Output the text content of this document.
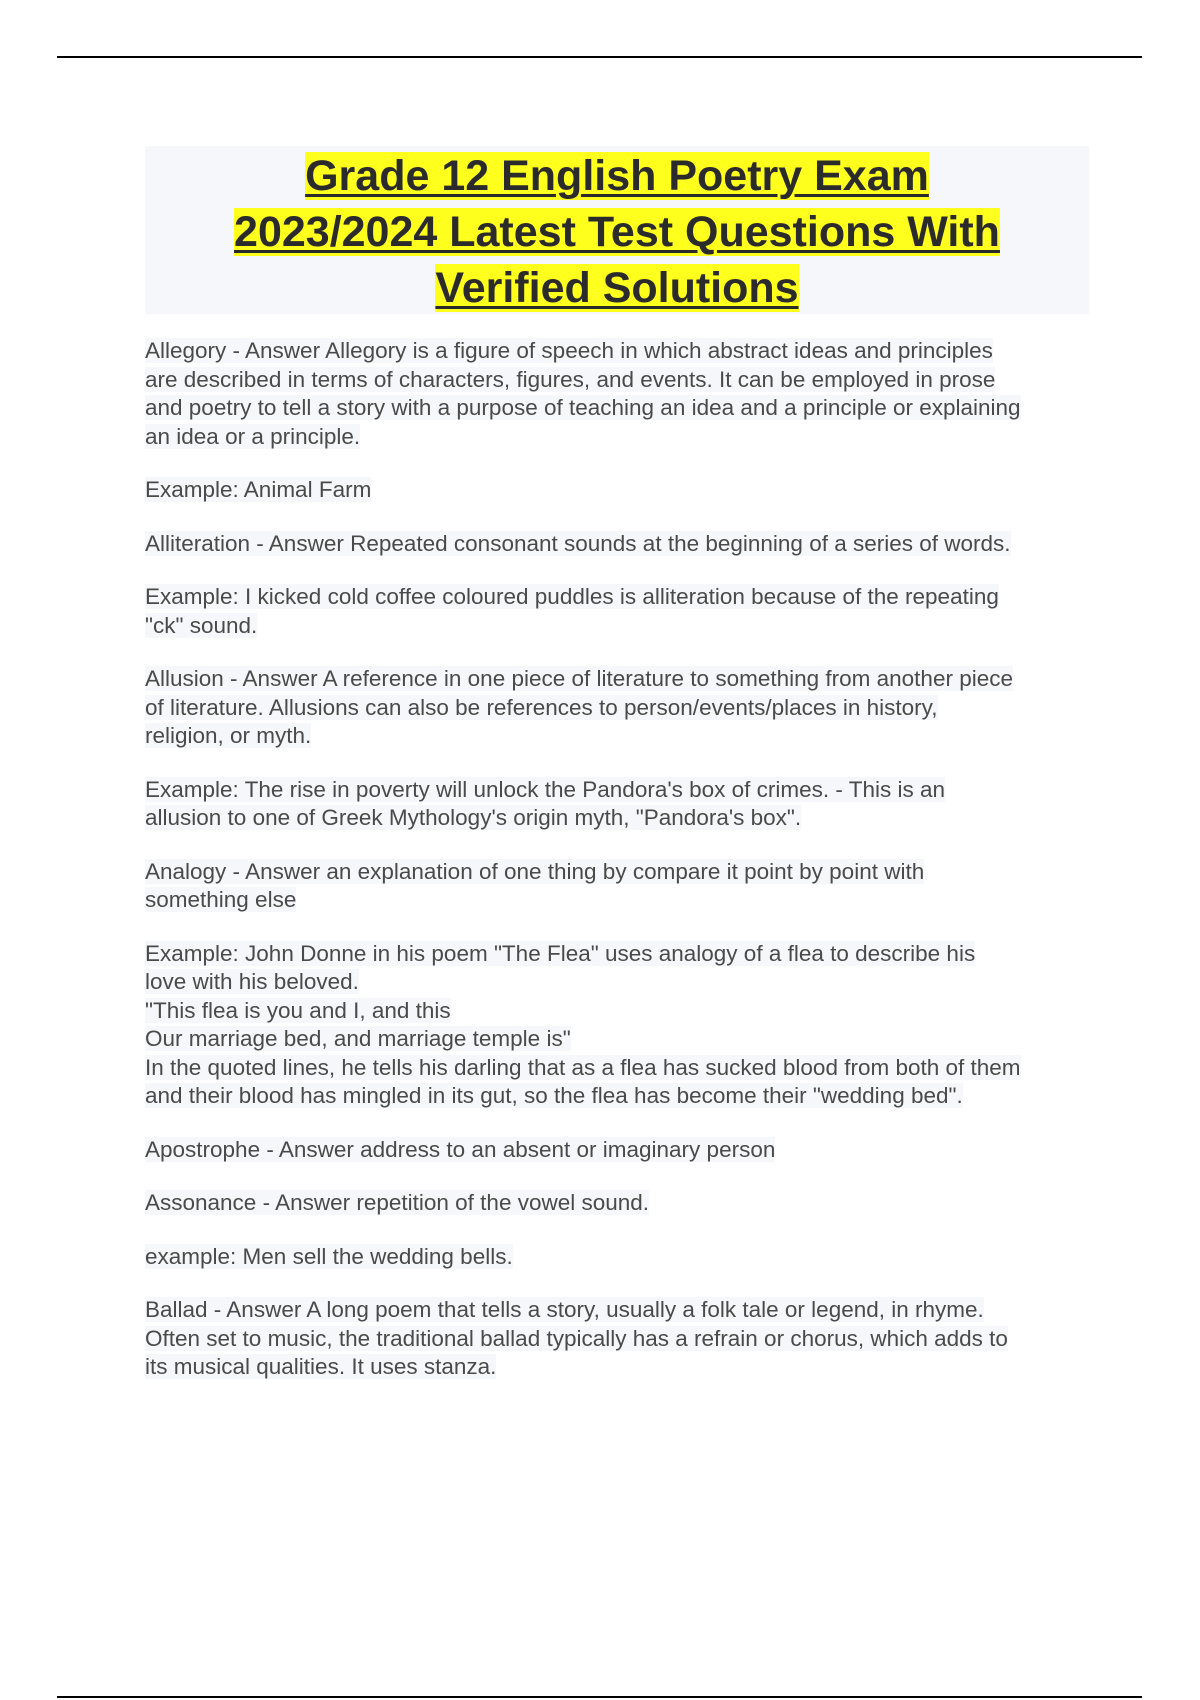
Grade 12 English Poetry Exam
2023/2024 Latest Test Questions With
Verified Solutions

Allegory - Answer Allegory is a figure of speech in which abstract ideas and principles
are described in terms of characters, figures, and events. It can be employed in prose
and poetry to tell a story with a purpose of teaching an idea and a principle or explaining
an idea or a principle.

Example: Animal Farm

Alliteration - Answer Repeated consonant sounds at the beginning of a series of words.

Example: I kicked cold coffee coloured puddles is alliteration because of the repeating
"ck" sound.

Allusion - Answer A reference in one piece of literature to something from another piece
of literature. Allusions can also be references to person/events/places in history,
religion, or myth.

Example: The rise in poverty will unlock the Pandora's box of crimes. - This is an
allusion to one of Greek Mythology's origin myth, "Pandora's box".

Analogy - Answer an explanation of one thing by compare it point by point with
something else

Example: John Donne in his poem "The Flea" uses analogy of a flea to describe his
love with his beloved.
"This flea is you and I, and this
Our marriage bed, and marriage temple is"
In the quoted lines, he tells his darling that as a flea has sucked blood from both of them
and their blood has mingled in its gut, so the flea has become their "wedding bed".

Apostrophe - Answer address to an absent or imaginary person

Assonance - Answer repetition of the vowel sound.

example: Men sell the wedding bells.

Ballad - Answer A long poem that tells a story, usually a folk tale or legend, in rhyme.
Often set to music, the traditional ballad typically has a refrain or chorus, which adds to
its musical qualities. It uses stanza.
